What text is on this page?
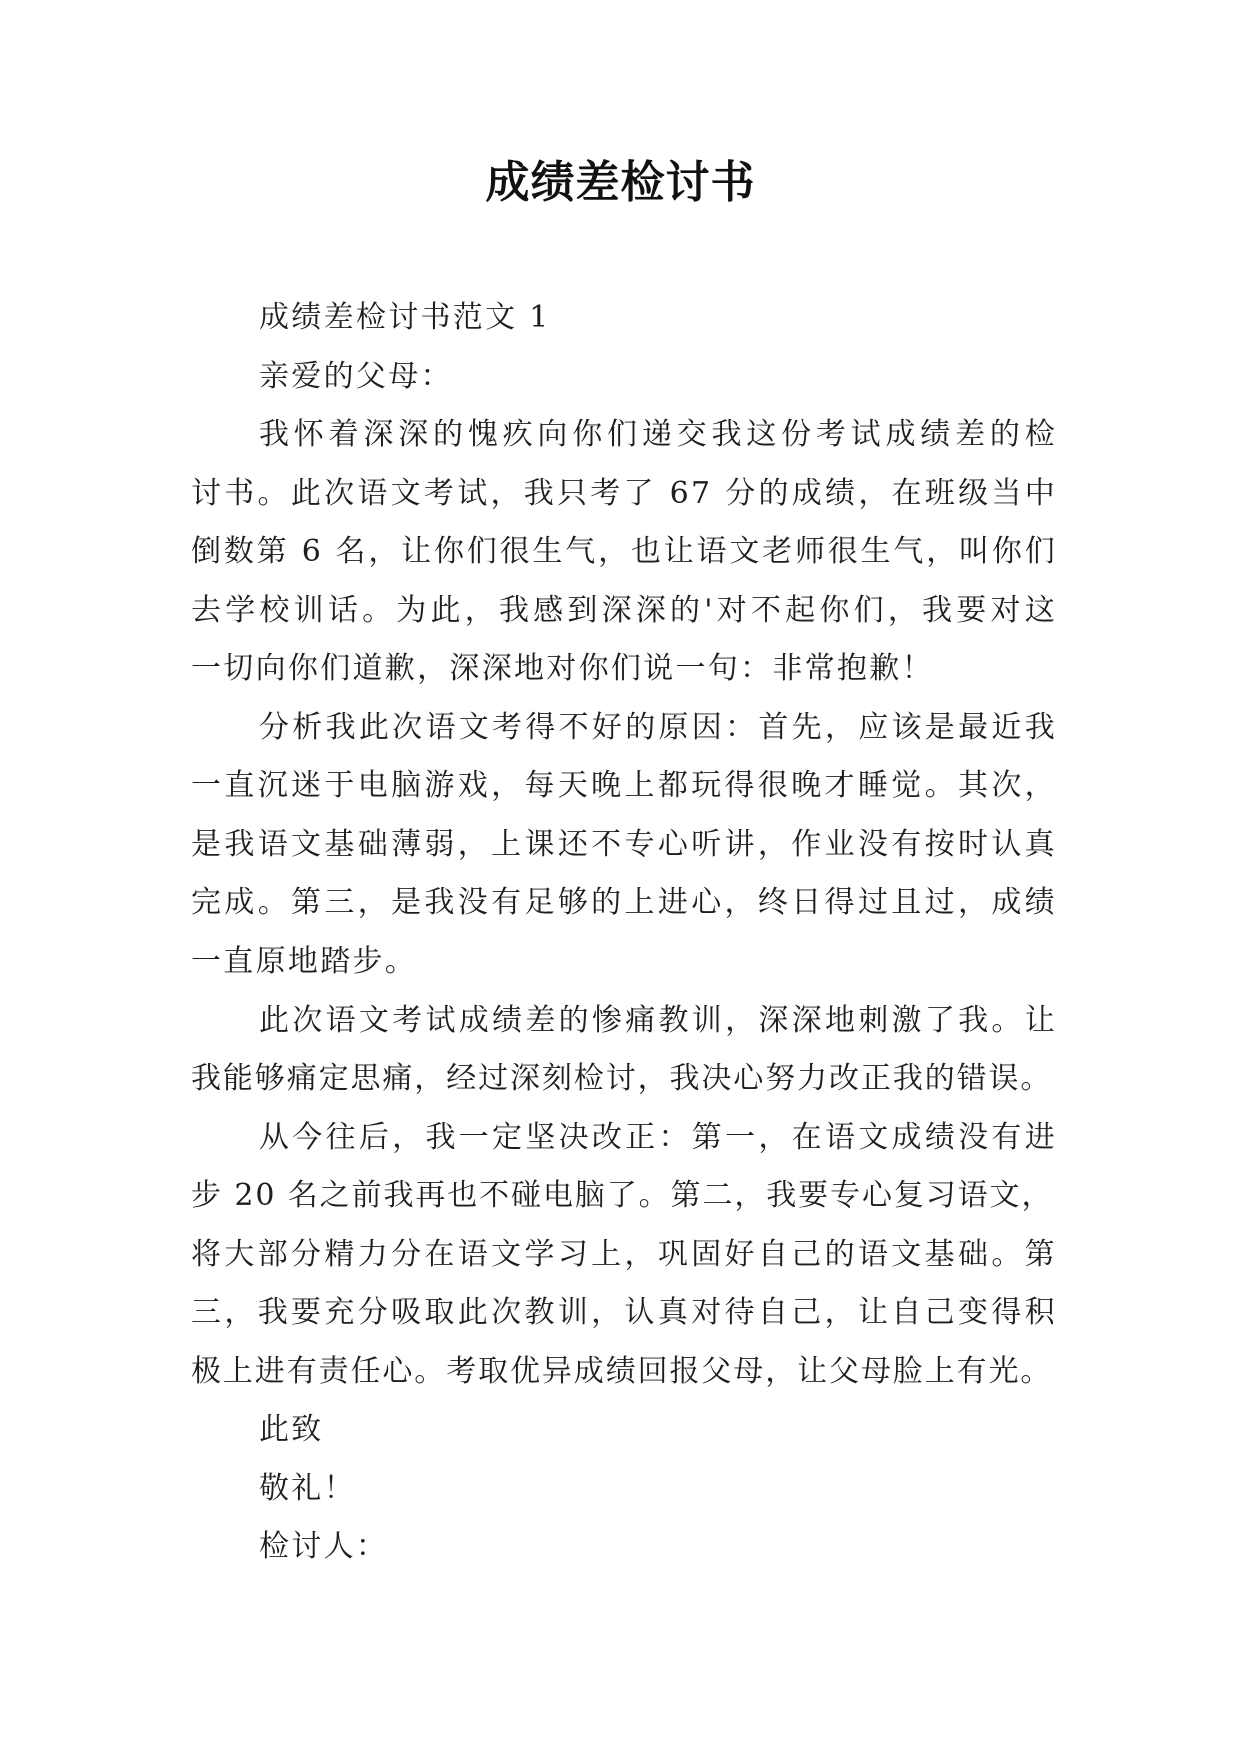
成绩差检讨书
成绩差检讨书范文 1
亲爱的父母：
我怀着深深的愧疚向你们递交我这份考试成绩差的检
讨书。此次语文考试，我只考了 67 分的成绩，在班级当中
倒数第 6 名，让你们很生气，也让语文老师很生气，叫你们
去学校训话。为此，我感到深深的'对不起你们，我要对这
一切向你们道歉，深深地对你们说一句：非常抱歉！
分析我此次语文考得不好的原因：首先，应该是最近我
一直沉迷于电脑游戏，每天晚上都玩得很晚才睡觉。其次，
是我语文基础薄弱，上课还不专心听讲，作业没有按时认真
完成。第三，是我没有足够的上进心，终日得过且过，成绩
一直原地踏步。
此次语文考试成绩差的惨痛教训，深深地刺激了我。让
我能够痛定思痛，经过深刻检讨，我决心努力改正我的错误。
从今往后，我一定坚决改正：第一，在语文成绩没有进
步 20 名之前我再也不碰电脑了。第二，我要专心复习语文，
将大部分精力分在语文学习上，巩固好自己的语文基础。第
三，我要充分吸取此次教训，认真对待自己，让自己变得积
极上进有责任心。考取优异成绩回报父母，让父母脸上有光。
此致
敬礼！
检讨人：
